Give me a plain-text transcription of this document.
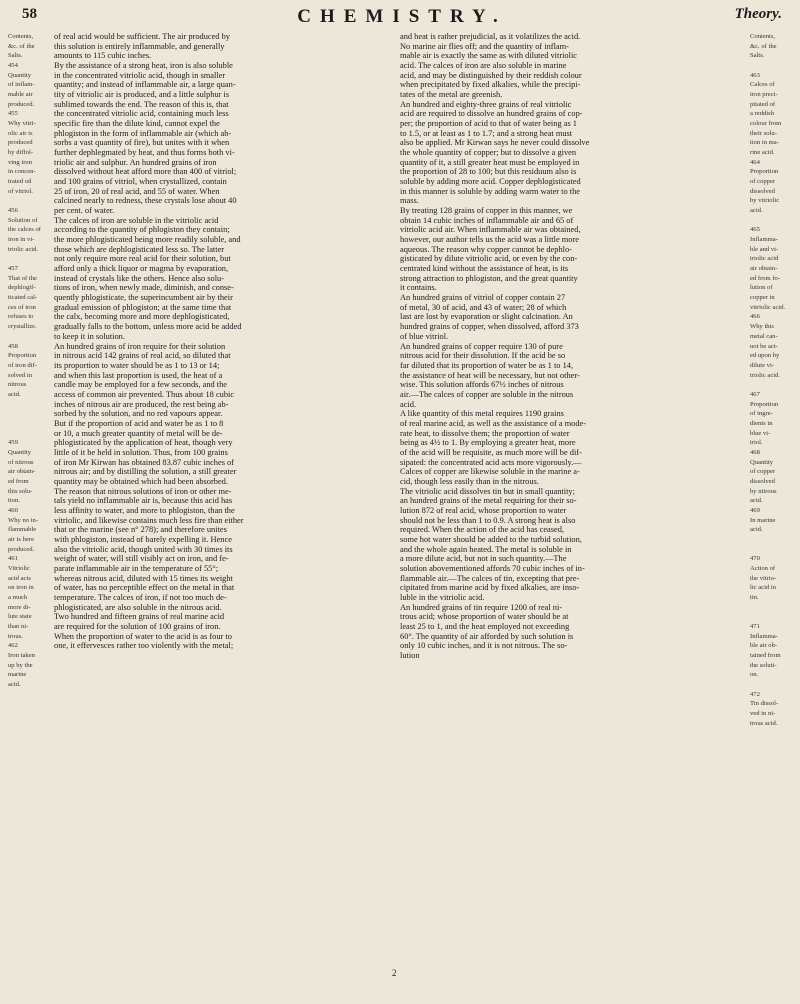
58	CHEMISTRY.	Theory.
Contents,
&c. of the
Salts.
454
Quantity
of inflam-
mable air
produced.
455
Why vitri-
olic air is
produced
by diffol-
ving iron
in concen-
trated oil
of vitriol.
456
Solution of
the calces of
iron in vi-
triolic acid.
457
That of the
dephlogif-
ticated cal-
ces of iron
refuses to
crystallize.
458
Proportion
of iron dif-
solved in
nitrous
acid.
459
Quantity
of nitrous
air obtain-
ed from
this solu-
tion.
460
Why no in-
flammable
air is here
produced.
461
Vitriolic
acid acts
on iron in
a much
more di-
lute state
than ni-
trous.
462
Iron taken
up by the
marine
acid.
of real acid would be sufficient. The air produced by
this solution is entirely inflammable, and generally
amounts to 115 cubic inches.
By the assistance of a strong heat, iron is also soluble
in the concentrated vitriolic acid, though in smaller
quantity; and instead of inflammable air, a large quan-
tity of vitriolic air is produced, and a little sulphur is
sublimed towards the end. The reason of this is, that
the concentrated vitriolic acid, containing much less
specific fire than the dilute kind, cannot expel the
phlogiston in the form of inflammable air (which ab-
sorbs a vast quantity of fire), but unites with it when
further dephlegmated by heat, and thus forms both vi-
triolic air and sulphur. An hundred grains of iron
dissolved without heat afford more than 400 of vitriol;
and 100 grains of vitriol, when crystallized, contain
25 of iron, 20 of real acid, and 55 of water. When
calcined nearly to redness, these crystals lose about 40
per cent. of water.
The calces of iron are soluble in the vitriolic acid
according to the quantity of phlogiston they contain;
the more phlogisticated being more readily soluble, and
those which are dephlogisticated less so. The latter
not only require more real acid for their solution, but
afford only a thick liquor or magma by evaporation,
instead of crystals like the others. Hence also solu-
tions of iron, when newly made, diminish, and conse-
quently phlogisticate, the superincumbent air by their
gradual emission of phlogiston; at the same time that
the calx, becoming more and more dephlogisticated,
gradually falls to the bottom, unless more acid be added
to keep it in solution.
An hundred grains of iron require for their solution
in nitrous acid 142 grains of real acid, so diluted that
its proportion to water should be as 1 to 13 or 14;
and when this last proportion is used, the heat of a
candle may be employed for a few seconds, and the
access of common air prevented. Thus about 18 cubic
inches of nitrous air are produced, the rest being ab-
sorbed by the solution, and no red vapours appear.
But if the proportion of acid and water be as 1 to 8
or 10, a much greater quantity of metal will be de-
phlogisticated by the application of heat, though very
little of it be held in solution. Thus, from 100 grains
of iron Mr Kirwan has obtained 83.87 cubic inches of
nitrous air; and by distilling the solution, a still greater
quantity may be obtained which had been absorbed.
The reason that nitrous solutions of iron or other me-
tals yield no inflammable air is, because this acid has
less affinity to water, and more to phlogiston, than the
vitriolic, and likewise contains much less fire than either
that or the marine (see n° 278); and therefore unites
with phlogiston, instead of barely expelling it. Hence
also the vitriolic acid, though united with 30 times its
weight of water, will still visibly act on iron, and fe-
parate inflammable air in the temperature of 55°;
whereas nitrous acid, diluted with 15 times its weight
of water, has no perceptible effect on the metal in that
temperature. The calces of iron, if not too much de-
phlogisticated, are also soluble in the nitrous acid.
Two hundred and fifteen grains of real marine acid
are required for the solution of 100 grains of iron.
When the proportion of water to the acid is as four to
one, it effervesces rather too violently with the metal;
and heat is rather prejudicial, as it volatilizes the acid.
No marine air flies off; and the quantity of inflam-
mable air is exactly the same as with diluted vitriolic
acid. The calces of iron are also soluble in marine
acid, and may be distinguished by their reddish colour
when precipitated by fixed alkalies, while the precipi-
tates of the metal are greenish.
An hundred and eighty-three grains of real vitriolic
acid are required to dissolve an hundred grains of cop-
per; the proportion of acid to that of water being as 1
to 1.5, or at least as 1 to 1.7; and a strong heat must
also be applied. Mr Kirwan says he never could dissolve
the whole quantity of copper; but to dissolve a given
quantity of it, a still greater heat must be employed in
the proportion of 28 to 100; but this residuum also is
soluble by adding more acid. Copper dephlogisticated
in this manner is soluble by adding warm water to the
mass.
By treating 128 grains of copper in this manner, we
obtain 14 cubic inches of inflammable air and 65 of
vitriolic acid air. When inflammable air was obtained,
however, our author tells us the acid was a little more
aqueous. The reason why copper cannot be dephlo-
gisticated by dilute vitriolic acid, or even by the con-
centrated kind without the assistance of heat, is its
strong attraction to phlogiston, and the great quantity
it contains.
An hundred grains of vitriol of copper contain 27
of metal, 30 of acid, and 43 of water; 28 of which
last are lost by evaporation or slight calcination. An
hundred grains of copper, when dissolved, afford 373
of blue vitriol.
An hundred grains of copper require 130 of pure
nitrous acid for their dissolution. If the acid be so
far diluted that its proportion of water be as 1 to 14,
the assistance of heat will be necessary, but not other-
wise. This solution affords 67½ inches of nitrous
air.—The calces of copper are soluble in the nitrous
acid.
A like quantity of this metal requires 1190 grains
of real marine acid, as well as the assistance of a mode-
rate heat, to dissolve them; the proportion of water
being as 4½ to 1. By employing a greater heat, more
of the acid will be requisite, as much more will be dif-
sipated: the concentrated acid acts more vigorously.—
Calces of copper are likewise soluble in the marine a-
cid, though less easily than in the nitrous.
The vitriolic acid dissolves tin but in small quantity;
an hundred grains of the metal requiring for their so-
lution 872 of real acid, whose proportion to water
should not be less than 1 to 0.9. A strong heat is also
required. When the action of the acid has ceased,
some hot water should be added to the turbid solution,
and the whole again heated. The metal is soluble in
a more dilute acid, but not in such quantity.—The
solution abovementioned affords 70 cubic inches of in-
flammable air.—The calces of tin, excepting that pre-
cipitated from marine acid by fixed alkalies, are inso-
luble in the vitriolic acid.
An hundred grains of tin require 1200 of real ni-
trous acid; whose proportion of water should be at
least 25 to 1, and the heat employed not exceeding
60°. The quantity of air afforded by such solution is
only 10 cubic inches, and it is not nitrous. The so-
lution
Contents,
&c. of the
Salts.
463
Calces of
iron preci-
pitated of
a reddish
colour from
their solu-
tion in ma-
rine acid.
464
Proportion
of copper
dissolved
by vitriolic
acid.
465
Inflamma-
ble and vi-
triolic acid
air obtain-
ed from fo-
lution of
copper in
vitriolic acid.
466
Why this
metal can-
not be act-
ed upon by
dilute vi-
triolic acid.
467
Proportion
of ingre-
dients in
blue vi-
triol.
468
Quantity
of copper
dissolved
by nitrous
acid.
469
In marine
acid.
470
Action of
the vitrio-
lic acid in
tin.
471
Inflamma-
ble air ob-
tained from
the soluti-
on.
472
Tin dissol-
ved in ni-
trous acid.
2
